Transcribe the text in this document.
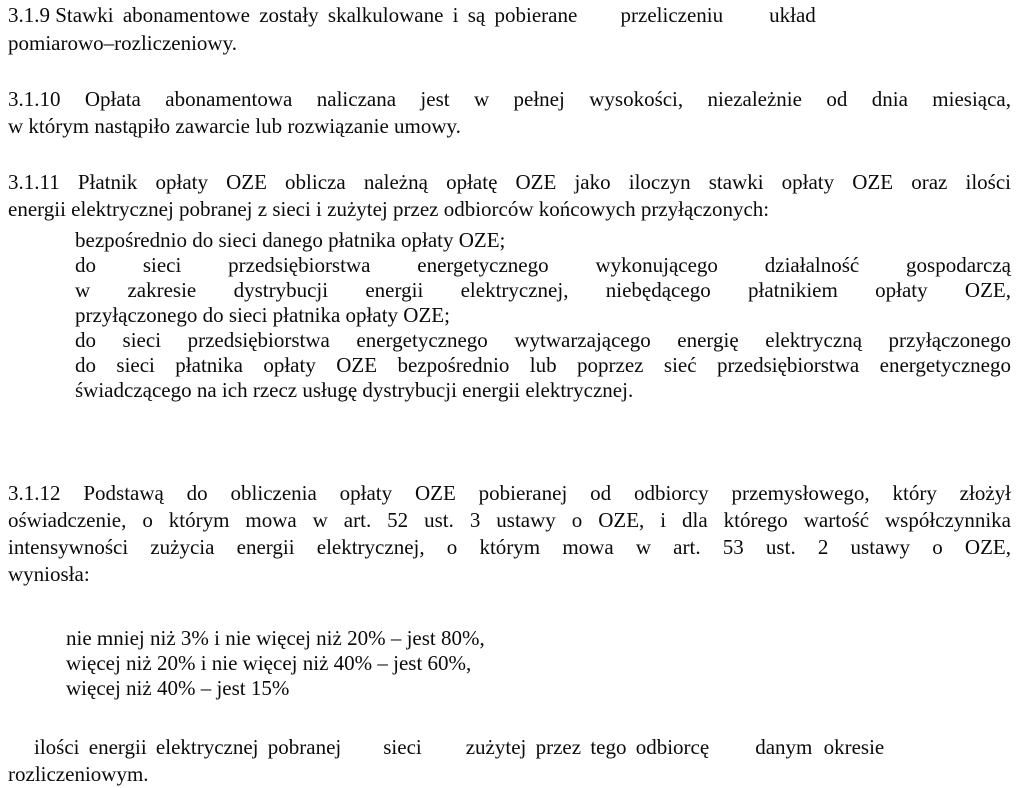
3.1.9 Stawki abonamentowe zostały skalkulowane i są pobierane przeliczeniu układ
pomiarowo–rozliczeniowy.
3.1.10 Opłata abonamentowa naliczana jest w pełnej wysokości, niezależnie od dnia miesiąca,
w którym nastąpiło zawarcie lub rozwiązanie umowy.
3.1.11 Płatnik opłaty OZE oblicza należną opłatę OZE jako iloczyn stawki opłaty OZE oraz ilości
energii elektrycznej pobranej z sieci i zużytej przez odbiorców końcowych przyłączonych:
bezpośrednio do sieci danego płatnika opłaty OZE;
do sieci przedsiębiorstwa energetycznego wykonującego działalność gospodarczą
w zakresie dystrybucji energii elektrycznej, niebędącego płatnikiem opłaty OZE,
przyłączonego do sieci płatnika opłaty OZE;
do sieci przedsiębiorstwa energetycznego wytwarzającego energię elektryczną przyłączonego
do sieci płatnika opłaty OZE bezpośrednio lub poprzez sieć przedsiębiorstwa energetycznego
świadczącego na ich rzecz usługę dystrybucji energii elektrycznej.
3.1.12 Podstawą do obliczenia opłaty OZE pobieranej od odbiorcy przemysłowego, który złożył
oświadczenie, o którym mowa w art. 52 ust. 3 ustawy o OZE, i dla którego wartość współczynnika
intensywności zużycia energii elektrycznej, o którym mowa w art. 53 ust. 2 ustawy o OZE,
wyniosła:
nie mniej niż 3% i nie więcej niż 20% – jest 80%,
więcej niż 20% i nie więcej niż 40% – jest 60%,
więcej niż 40% – jest 15%
ilości energii elektrycznej pobranej sieci zużytej przez tego odbiorcę danym okresie
rozliczeniowym.
